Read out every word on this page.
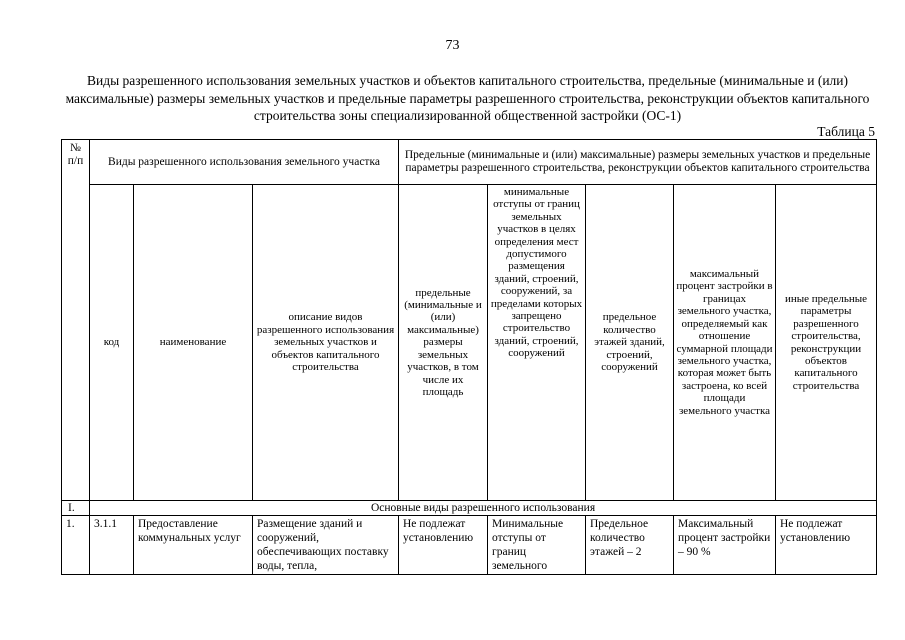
73
Виды разрешенного использования земельных участков и объектов капитального строительства, предельные (минимальные и (или) максимальные) размеры земельных участков и предельные параметры разрешенного строительства, реконструкции объектов капитального строительства зоны специализированной общественной застройки (ОС-1)
Таблица 5
№ п/п	Виды разрешенного использования земельного участка			Предельные (минимальные и (или) максимальные) размеры земельных участков и предельные параметры разрешенного строительства, реконструкции объектов капитального строительства				
	код	наименование	описание видов разрешенного использования земельных участков и объектов капитального строительства	предельные (минимальные и (или) максимальные) размеры земельных участков, в том числе их площадь	минимальные отступы от границ земельных участков в целях определения мест допустимого размещения зданий, строений, сооружений, за пределами которых запрещено строительство зданий, строений, сооружений	предельное количество этажей зданий, строений, сооружений	максимальный процент застройки в границах земельного участка, определяемый как отношение суммарной площади земельного участка, которая может быть застроена, ко всей площади земельного участка	иные предельные параметры разрешенного строительства, реконструкции объектов капитального строительства
I.	Основные виды разрешенного использования							
1.	3.1.1	Предоставление коммунальных услуг	Размещение зданий и сооружений, обеспечивающих поставку воды, тепла,	Не подлежат установлению	Минимальные отступы от границ земельного	Предельное количество этажей – 2	Максимальный процент застройки – 90 %	Не подлежат установлению
